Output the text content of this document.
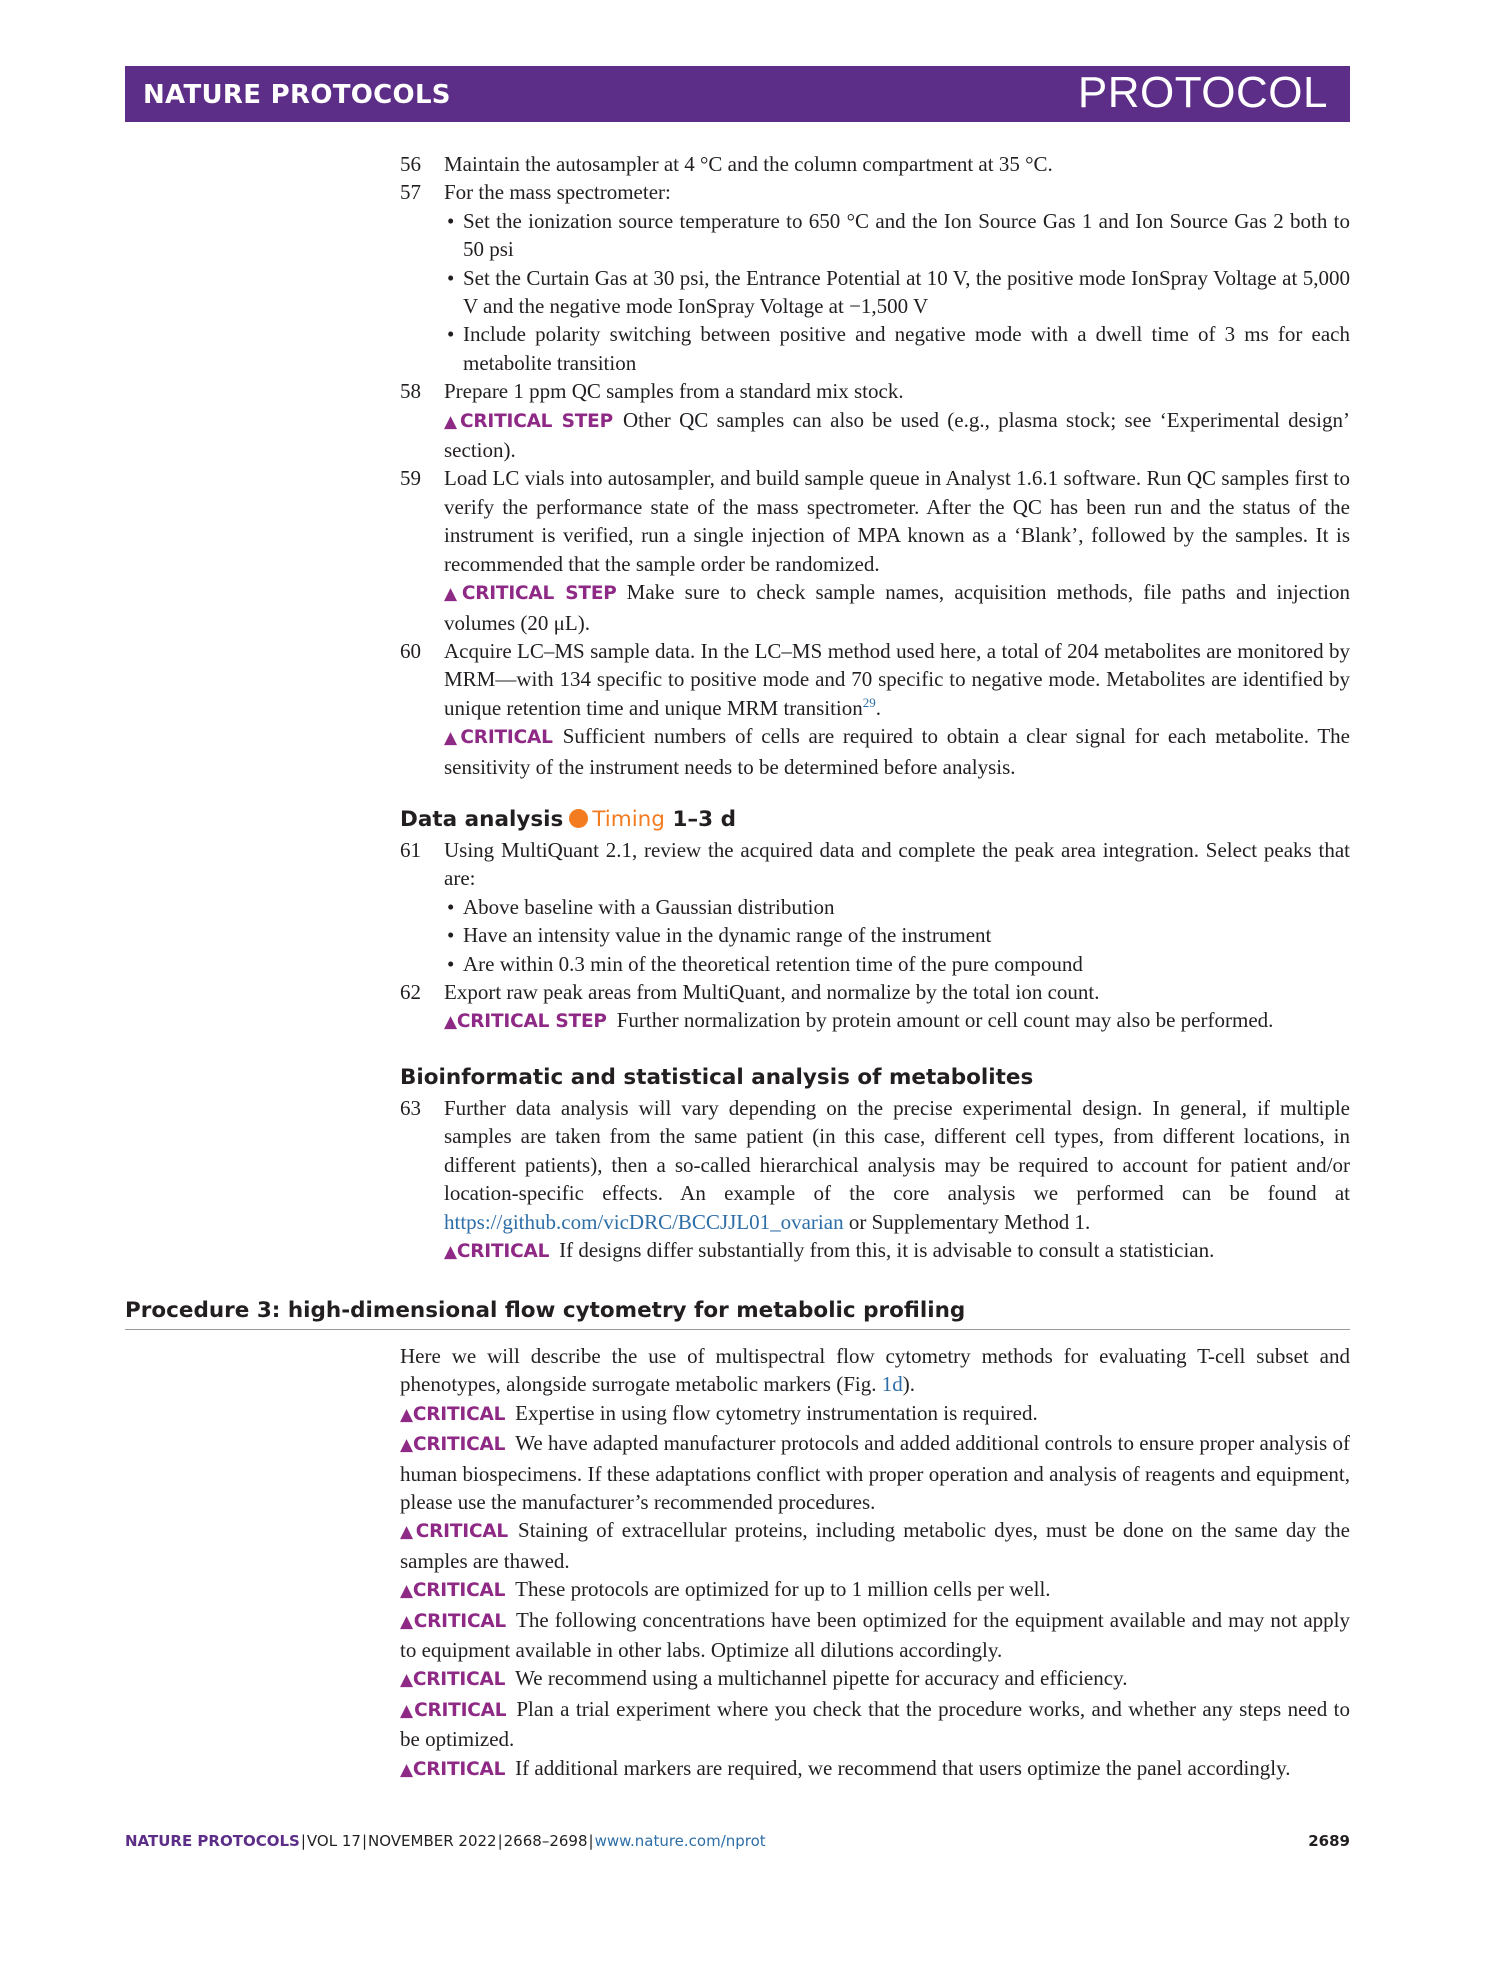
NATURE PROTOCOLS	PROTOCOL
56 Maintain the autosampler at 4 °C and the column compartment at 35 °C.
57 For the mass spectrometer:
• Set the ionization source temperature to 650 °C and the Ion Source Gas 1 and Ion Source Gas 2 both to 50 psi
• Set the Curtain Gas at 30 psi, the Entrance Potential at 10 V, the positive mode IonSpray Voltage at 5,000 V and the negative mode IonSpray Voltage at −1,500 V
• Include polarity switching between positive and negative mode with a dwell time of 3 ms for each metabolite transition
58 Prepare 1 ppm QC samples from a standard mix stock.
▲CRITICAL STEP Other QC samples can also be used (e.g., plasma stock; see ‘Experimental design’ section).
59 Load LC vials into autosampler, and build sample queue in Analyst 1.6.1 software. Run QC samples first to verify the performance state of the mass spectrometer. After the QC has been run and the status of the instrument is verified, run a single injection of MPA known as a ‘Blank’, followed by the samples. It is recommended that the sample order be randomized.
▲CRITICAL STEP Make sure to check sample names, acquisition methods, file paths and injection volumes (20 μL).
60 Acquire LC–MS sample data. In the LC–MS method used here, a total of 204 metabolites are monitored by MRM—with 134 specific to positive mode and 70 specific to negative mode. Metabolites are identified by unique retention time and unique MRM transition$^{29}$.
▲CRITICAL Sufficient numbers of cells are required to obtain a clear signal for each metabolite. The sensitivity of the instrument needs to be determined before analysis.
Data analysis Timing 1–3 d
61 Using MultiQuant 2.1, review the acquired data and complete the peak area integration. Select peaks that are:
• Above baseline with a Gaussian distribution
• Have an intensity value in the dynamic range of the instrument
• Are within 0.3 min of the theoretical retention time of the pure compound
62 Export raw peak areas from MultiQuant, and normalize by the total ion count.
▲CRITICAL STEP Further normalization by protein amount or cell count may also be performed.
Bioinformatic and statistical analysis of metabolites
63 Further data analysis will vary depending on the precise experimental design. In general, if multiple samples are taken from the same patient (in this case, different cell types, from different locations, in different patients), then a so-called hierarchical analysis may be required to account for patient and/or location-specific effects. An example of the core analysis we performed can be found at https://github.com/vicDRC/BCCJJL01_ovarian or Supplementary Method 1.
▲CRITICAL If designs differ substantially from this, it is advisable to consult a statistician.
Procedure 3: high-dimensional flow cytometry for metabolic profiling
Here we will describe the use of multispectral flow cytometry methods for evaluating T-cell subset and phenotypes, alongside surrogate metabolic markers (Fig. 1d).
▲CRITICAL Expertise in using flow cytometry instrumentation is required.
▲CRITICAL We have adapted manufacturer protocols and added additional controls to ensure proper analysis of human biospecimens. If these adaptations conflict with proper operation and analysis of reagents and equipment, please use the manufacturer’s recommended procedures.
▲CRITICAL Staining of extracellular proteins, including metabolic dyes, must be done on the same day the samples are thawed.
▲CRITICAL These protocols are optimized for up to 1 million cells per well.
▲CRITICAL The following concentrations have been optimized for the equipment available and may not apply to equipment available in other labs. Optimize all dilutions accordingly.
▲CRITICAL We recommend using a multichannel pipette for accuracy and efficiency.
▲CRITICAL Plan a trial experiment where you check that the procedure works, and whether any steps need to be optimized.
▲CRITICAL If additional markers are required, we recommend that users optimize the panel accordingly.
NATURE PROTOCOLS|VOL 17|NOVEMBER 2022|2668–2698|www.nature.com/nprot	2689
